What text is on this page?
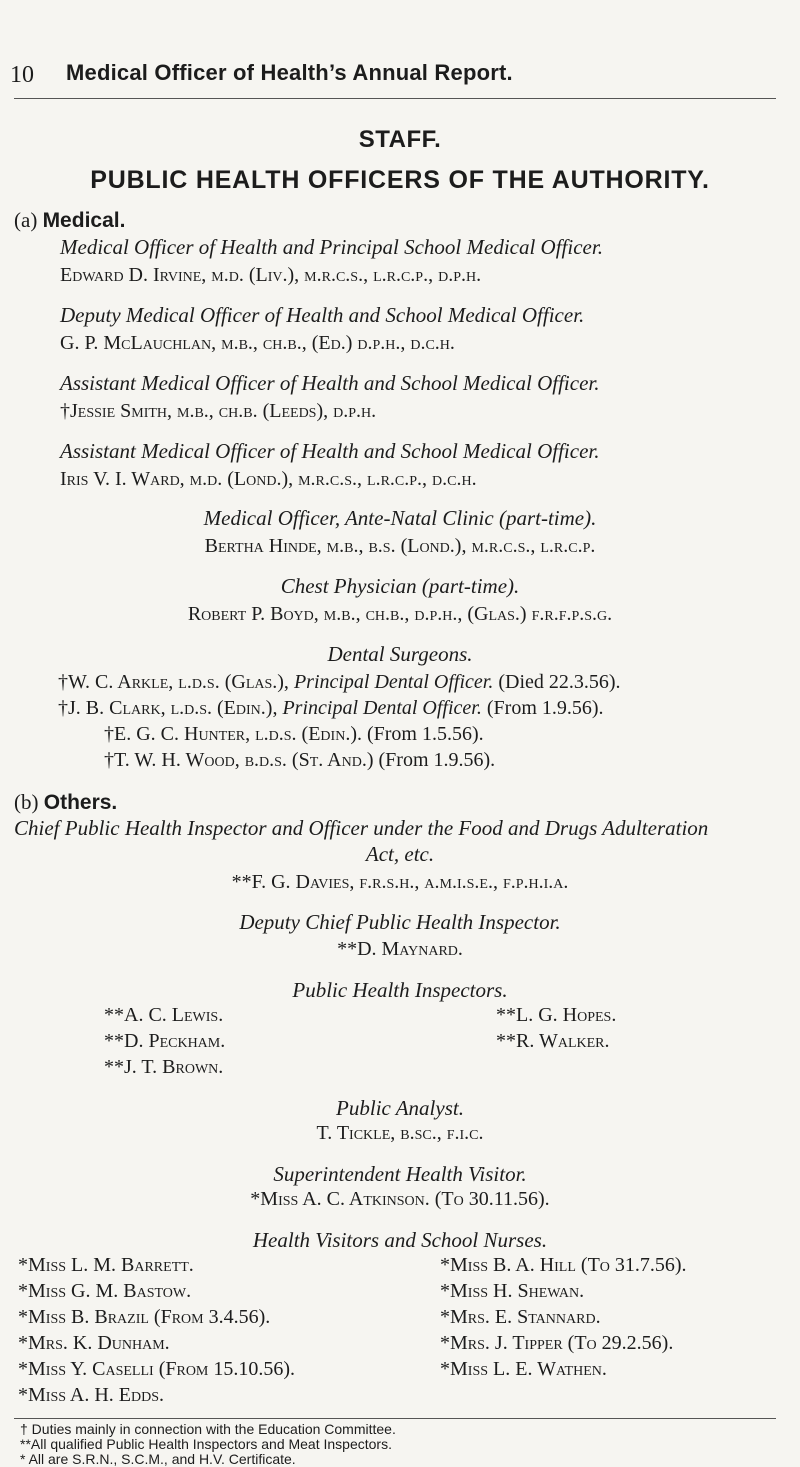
10 Medical Officer of Health’s Annual Report.
STAFF.
PUBLIC HEALTH OFFICERS OF THE AUTHORITY.
(a) Medical.
Medical Officer of Health and Principal School Medical Officer.
Edward D. Irvine, m.d. (Liv.), m.r.c.s., l.r.c.p., d.p.h.
Deputy Medical Officer of Health and School Medical Officer.
G. P. McLauchlan, m.b., ch.b., (Ed.) d.p.h., d.c.h.
Assistant Medical Officer of Health and School Medical Officer.
†Jessie Smith, m.b., ch.b. (Leeds), d.p.h.
Assistant Medical Officer of Health and School Medical Officer.
Iris V. I. Ward, m.d. (Lond.), m.r.c.s., l.r.c.p., d.c.h.
Medical Officer, Ante-Natal Clinic (part-time).
Bertha Hinde, m.b., b.s. (Lond.), m.r.c.s., l.r.c.p.
Chest Physician (part-time).
Robert P. Boyd, m.b., ch.b., d.p.h., (Glas.) f.r.f.p.s.g.
Dental Surgeons.
†W. C. Arkle, l.d.s. (Glas.), Principal Dental Officer. (Died 22.3.56).
†J. B. Clark, l.d.s. (Edin.), Principal Dental Officer. (From 1.9.56).
†E. G. C. Hunter, l.d.s. (Edin.). (From 1.5.56).
†T. W. H. Wood, b.d.s. (St. And.) (From 1.9.56).
(b) Others.
Chief Public Health Inspector and Officer under the Food and Drugs Adulteration
Act, etc.
**F. G. Davies, f.r.s.h., a.m.i.s.e., f.p.h.i.a.
Deputy Chief Public Health Inspector.
**D. Maynard.
Public Health Inspectors.
**A. C. Lewis.
**D. Peckham.
**J. T. Brown.
**L. G. Hopes.
**R. Walker.
Public Analyst.
T. Tickle, b.sc., f.i.c.
Superintendent Health Visitor.
*Miss A. C. Atkinson. (To 30.11.56).
Health Visitors and School Nurses.
*Miss L. M. Barrett.
*Miss G. M. Bastow.
*Miss B. Brazil (From 3.4.56).
*Mrs. K. Dunham.
*Miss Y. Caselli (From 15.10.56).
*Miss A. H. Edds.
*Miss B. A. Hill (To 31.7.56).
*Miss H. Shewan.
*Mrs. E. Stannard.
*Mrs. J. Tipper (To 29.2.56).
*Miss L. E. Wathen.
† Duties mainly in connection with the Education Committee.
**All qualified Public Health Inspectors and Meat Inspectors.
* All are S.R.N., S.C.M., and H.V. Certificate.
